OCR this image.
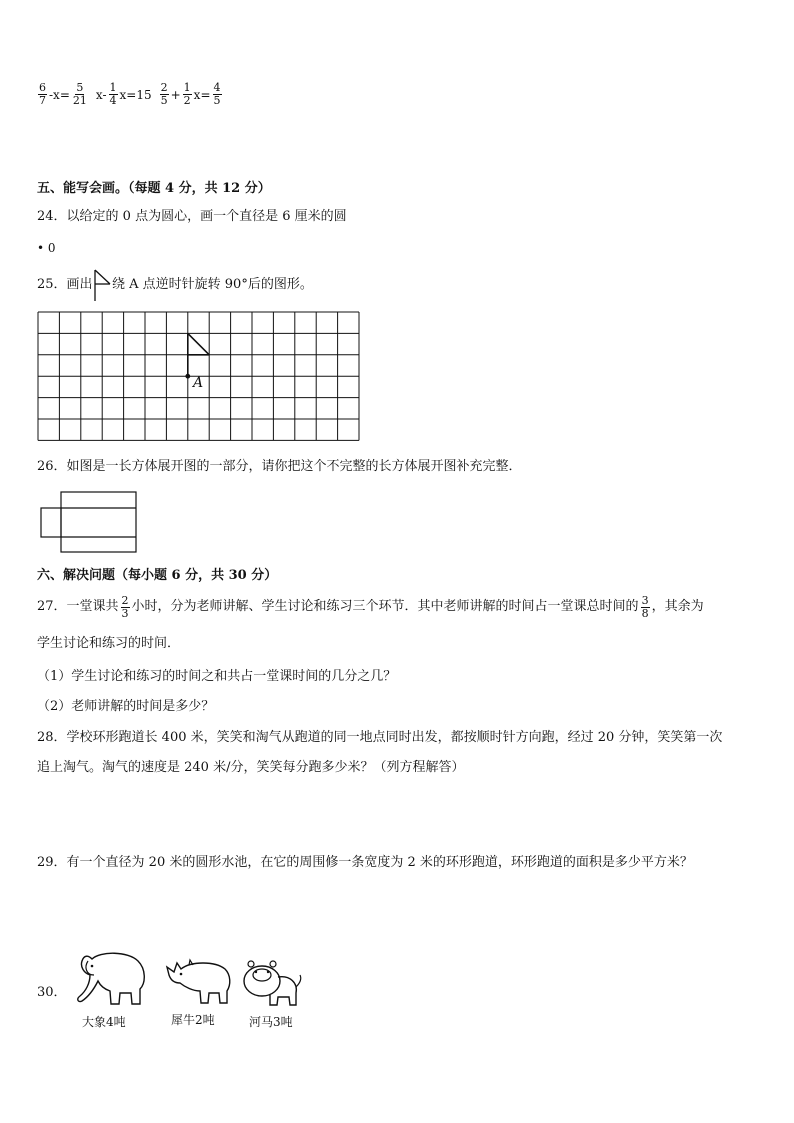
$\frac{6}{7} -x= \frac{5}{21} x- \frac{1}{4} x=15 \frac{2}{5} + \frac{1}{2} x= \frac{4}{5}$
五、能写会画。（每题 4 分，共 12 分）
24．以给定的 0 点为圆心，画一个直径是 6 厘米的圆
• 0
25．画出 绕 A 点逆时针旋转 90°后的图形。
A
26．如图是一长方体展开图的一部分，请你把这个不完整的长方体展开图补充完整．
六、解决问题（每小题 6 分，共 30 分）
27．一堂课共 $\frac{2}{3}$ 小时，分为老师讲解、学生讨论和练习三个环节．其中老师讲解的时间占一堂课总时间的 $\frac{3}{8}$ ，其余为
学生讨论和练习的时间．
（1）学生讨论和练习的时间之和共占一堂课时间的几分之几？
（2）老师讲解的时间是多少？
28．学校环形跑道长 400 米，笑笑和淘气从跑道的同一地点同时出发，都按顺时针方向跑，经过 20 分钟，笑笑第一次
追上淘气。淘气的速度是 240 米/分，笑笑每分跑多少米？（列方程解答）
29．有一个直径为 20 米的圆形水池，在它的周围修一条宽度为 2 米的环形跑道，环形跑道的面积是多少平方米？
30．
大象4吨	犀牛2吨	河马3吨
